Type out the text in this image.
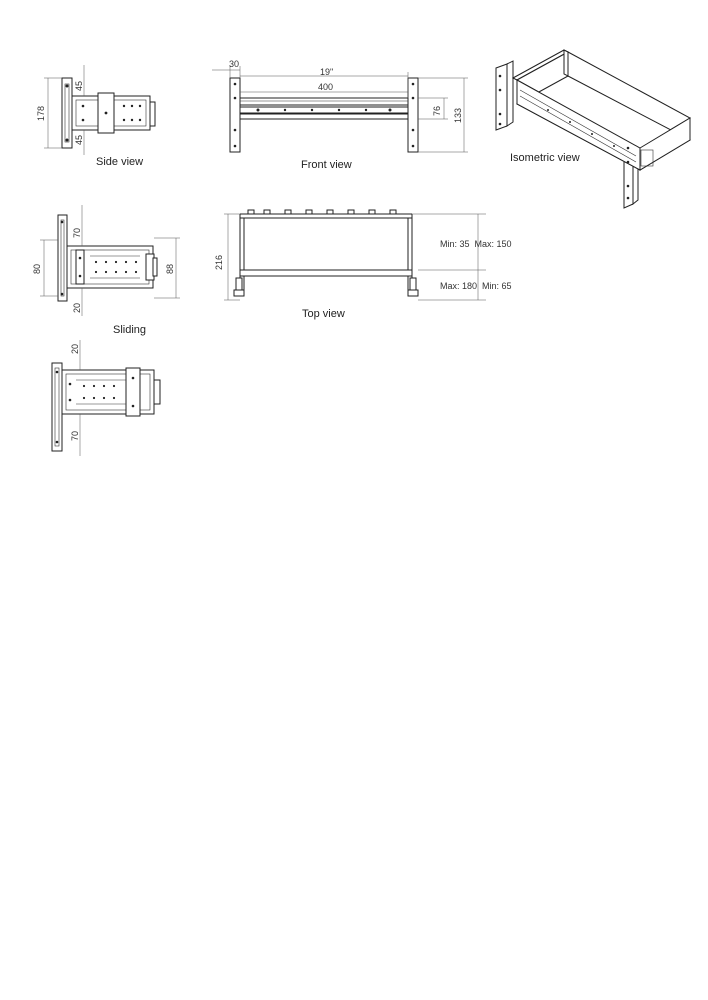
178
45
45
Side view
30
19"
400
76 133
Front view
Isometric view
80
70
20
88
Sliding
216
Min: 35  Max: 150
Max: 180  Min: 65
Top view
20
70
